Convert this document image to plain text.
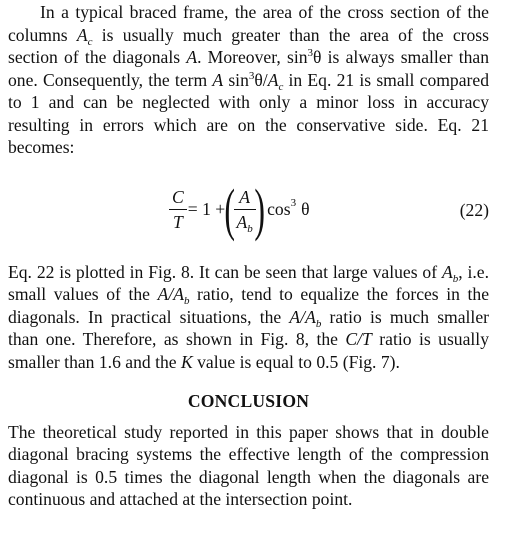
In a typical braced frame, the area of the cross section of the columns $A_c$ is usually much greater than the area of the cross section of the diagonals A. Moreover, $\sin^3\theta$ is always smaller than one. Consequently, the term A $\sin^3\theta/A_c$ in Eq. 21 is small compared to 1 and can be neglected with only a minor loss in accuracy resulting in errors which are on the conservative side. Eq. 21 becomes:

$\frac{C}{T} = 1$ + (
$\frac{A}{A_b}$
) $\cos^3 \theta$	(22)

Eq. 22 is plotted in Fig. 8. It can be seen that large values of $A_b$, i.e. small values of the $A/A_b$ ratio, tend to equalize the forces in the diagonals. In practical situations, the $A/A_b$ ratio is much smaller than one. Therefore, as shown in Fig. 8, the C/T ratio is usually smaller than 1.6 and the K value is equal to 0.5 (Fig. 7).

CONCLUSION

The theoretical study reported in this paper shows that in double diagonal bracing systems the effective length of the compression diagonal is 0.5 times the diagonal length when the diagonals are continuous and attached at the intersection point.
